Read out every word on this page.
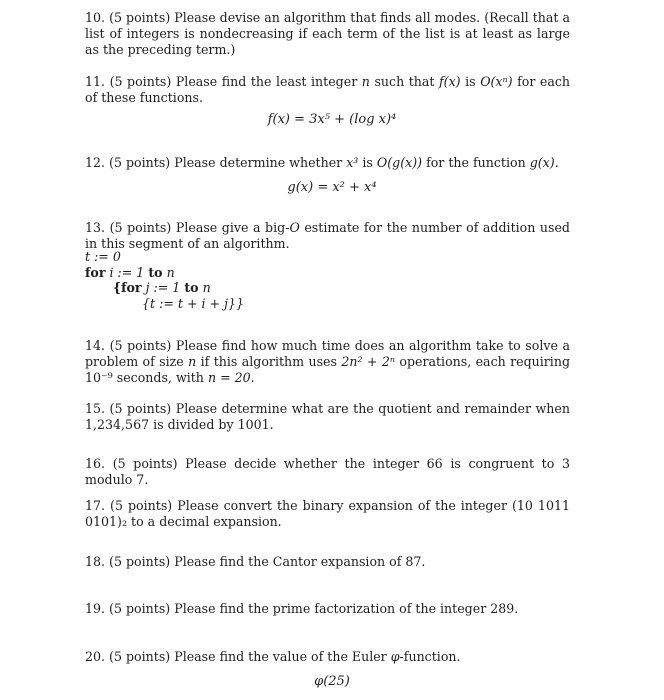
10. (5 points) Please devise an algorithm that finds all modes. (Recall that a list of integers is nondecreasing if each term of the list is at least as large as the preceding term.)

11. (5 points) Please find the least integer n such that f(x) is O(xⁿ) for each of these functions.

f(x) = 3x⁵ + (log x)⁴

12. (5 points) Please determine whether x³ is O(g(x)) for the function g(x).

g(x) = x² + x⁴

13. (5 points) Please give a big-O estimate for the number of addition used in this segment of an algorithm.

t := 0
for i := 1 to n
{for j := 1 to n
{t := t + i + j}}

14. (5 points) Please find how much time does an algorithm take to solve a problem of size n if this algorithm uses 2n² + 2ⁿ operations, each requiring 10⁻⁹ seconds, with n = 20.

15. (5 points) Please determine what are the quotient and remainder when 1,234,567 is divided by 1001.

16. (5 points) Please decide whether the integer 66 is congruent to 3 modulo 7.

17. (5 points) Please convert the binary expansion of the integer (10 1011 0101)₂ to a decimal expansion.

18. (5 points) Please find the Cantor expansion of 87.

19. (5 points) Please find the prime factorization of the integer 289.

20. (5 points) Please find the value of the Euler φ-function.

φ(25)
